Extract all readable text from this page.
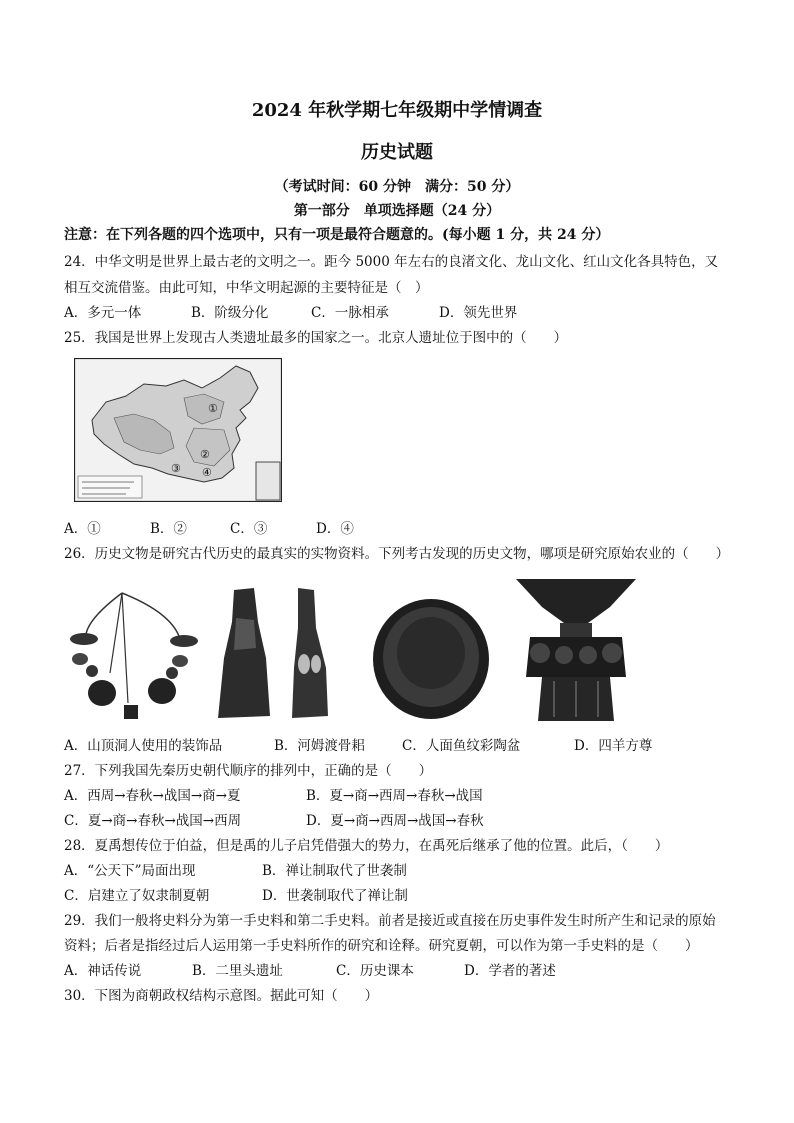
2024 年秋学期七年级期中学情调查
历史试题
（考试时间：60 分钟　满分：50 分）
第一部分　单项选择题（24 分）
注意：在下列各题的四个选项中，只有一项是最符合题意的。(每小题 1 分，共 24 分）
24．中华文明是世界上最古老的文明之一。距今 5000 年左右的良渚文化、龙山文化、红山文化各具特色，又
相互交流借鉴。由此可知，中华文明起源的主要特征是（　）
A．多元一体	B．阶级分化	C．一脉相承	D．领先世界
25．我国是世界上发现古人类遗址最多的国家之一。北京人遗址位于图中的（　　）
①
②
③ ④
A．①	B．②	C．③	D．④
26．历史文物是研究古代历史的最真实的实物资料。下列考古发现的历史文物，哪项是研究原始农业的（　　）
A．山顶洞人使用的装饰品	B．河姆渡骨耜	C．人面鱼纹彩陶盆	D．四羊方尊
27．下列我国先秦历史朝代顺序的排列中，正确的是（　　）
A．西周→春秋→战国→商→夏	B．夏→商→西周→春秋→战国
C．夏→商→春秋→战国→西周	D．夏→商→西周→战国→春秋
28．夏禹想传位于伯益，但是禹的儿子启凭借强大的势力，在禹死后继承了他的位置。此后，（　　）
A．“公天下”局面出现	B．禅让制取代了世袭制
C．启建立了奴隶制夏朝	D．世袭制取代了禅让制
29．我们一般将史料分为第一手史料和第二手史料。前者是接近或直接在历史事件发生时所产生和记录的原始
资料；后者是指经过后人运用第一手史料所作的研究和诠释。研究夏朝，可以作为第一手史料的是（　　）
A．神话传说	B．二里头遗址	C．历史课本	D．学者的著述
30．下图为商朝政权结构示意图。据此可知（　　）
